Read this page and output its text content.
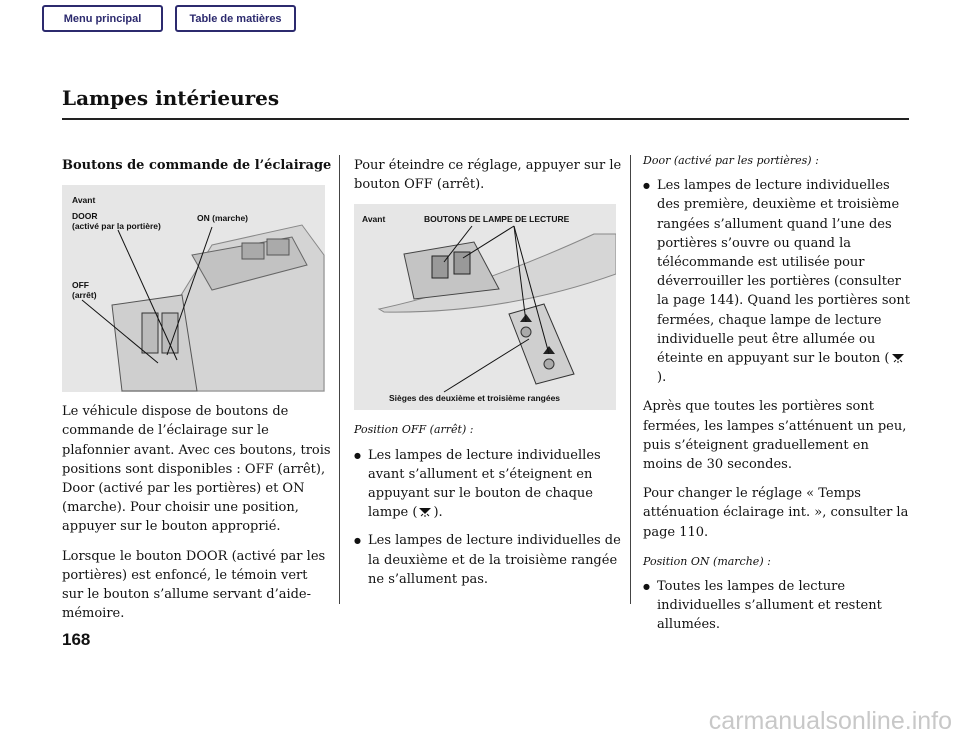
Menu principal	Table de matières
Lampes intérieures
Boutons de commande de l’éclairage
Avant
DOOR
(activé par la portière)
ON (marche)
OFF
(arrêt)

Le véhicule dispose de boutons de commande de l’éclairage sur le plafonnier avant. Avec ces boutons, trois positions sont disponibles : OFF (arrêt), Door (activé par les portières) et ON (marche). Pour choisir une position, appuyer sur le bouton approprié.

Lorsque le bouton DOOR (activé par les portières) est enfoncé, le témoin vert sur le bouton s’allume servant d’aide-mémoire.

Pour éteindre ce réglage, appuyer sur le bouton OFF (arrêt).

Avant	BOUTONS DE LAMPE DE LECTURE
Sièges des deuxième et troisième rangées
Position OFF (arrêt) :
● Les lampes de lecture individuelles avant s’allument et s’éteignent en appuyant sur le bouton de chaque lampe ( ).
● Les lampes de lecture individuelles de la deuxième et de la troisième rangée ne s’allument pas.
Door (activé par les portières) :
● Les lampes de lecture individuelles des première, deuxième et troisième rangées s’allument quand l’une des portières s’ouvre ou quand la télécommande est utilisée pour déverrouiller les portières (consulter la page 144). Quand les portières sont fermées, chaque lampe de lecture individuelle peut être allumée ou éteinte en appuyant sur le bouton ().

Après que toutes les portières sont fermées, les lampes s’atténuent un peu, puis s’éteignent graduellement en moins de 30 secondes.

Pour changer le réglage « Temps atténuation éclairage int. », consulter la page 110.

Position ON (marche) :
● Toutes les lampes de lecture individuelles s’allument et restent allumées.
168
carmanualsonline.info
